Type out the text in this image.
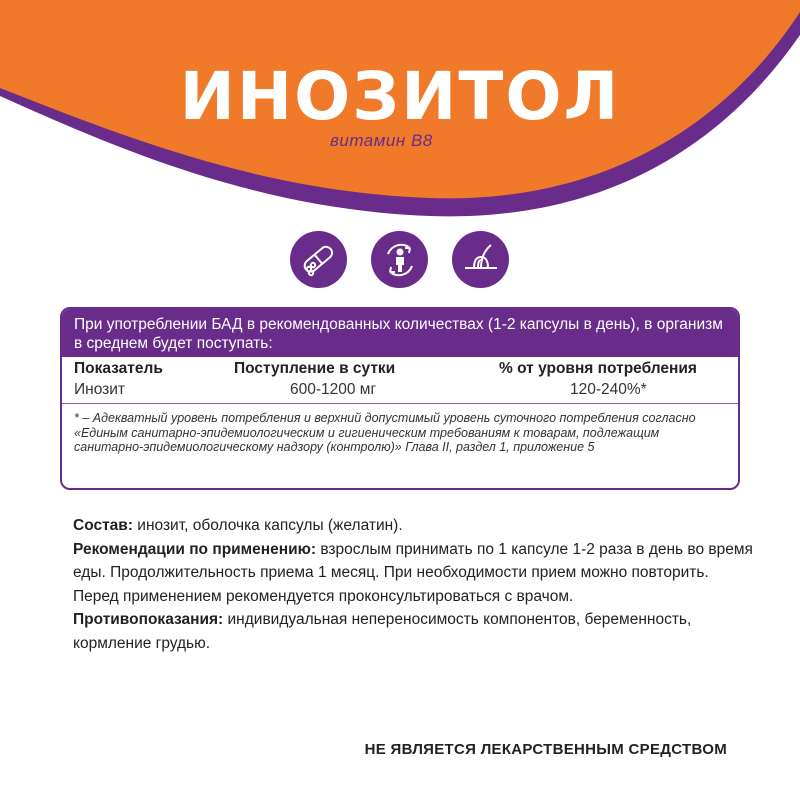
ИНОЗИТОЛ
витамин B8
При употреблении БАД в рекомендованных количествах (1-2 капсулы в день), в организм в среднем будет поступать:
Показатель	Поступление в сутки	% от уровня потребления
Инозит	600-1200 мг	120-240%*
* – Адекватный уровень потребления и верхний допустимый уровень суточного потребления согласно «Единым санитарно-эпидемиологическим и гигиеническим требованиям к товарам, подлежащим санитарно-эпидемиологическому надзору (контролю)» Глава II, раздел 1, приложение 5
Состав: инозит, оболочка капсулы (желатин).
Рекомендации по применению: взрослым принимать по 1 капсуле 1-2 раза в день во время еды. Продолжительность приема 1 месяц. При необходимости прием можно повторить. Перед применением рекомендуется проконсультироваться с врачом.
Противопоказания: индивидуальная непереносимость компонентов, беременность, кормление грудью.
НЕ ЯВЛЯЕТСЯ ЛЕКАРСТВЕННЫМ СРЕДСТВОМ
